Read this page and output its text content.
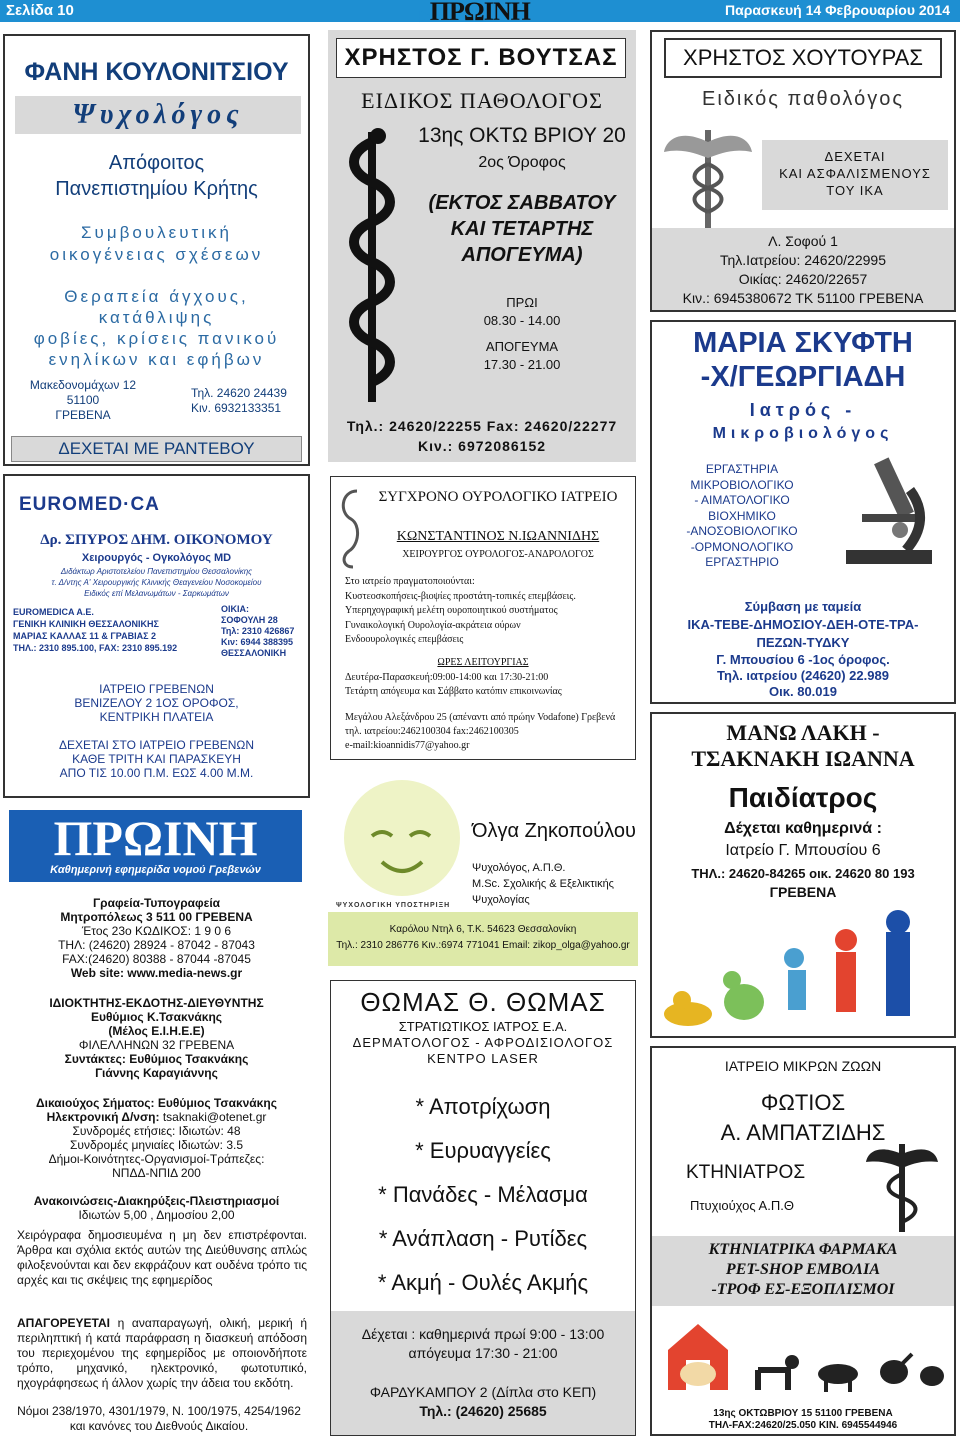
Σελίδα 10	Παρασκευή 14 Φεβρουαρίου 2014
▶ΠΡΩΙΝΗ
ΦΑΝΗ ΚΟΥΛΟΝΙΤΣΙΟΥ
Ψυχολόγος
Απόφοιτος
Πανεπιστημίου Κρήτης
Συμβουλευτική
οικογένειας σχέσεων
Θεραπεία άγχους,
κατάθλιψης
φοβίες, κρίσεις πανικού
ενηλίκων και εφήβων
Μακεδονομάχων 12
51100
ΓΡΕΒΕΝΑ
Τηλ. 24620 24439
Κιν. 6932133351
ΔΕΧΕΤΑΙ ΜΕ ΡΑΝΤΕΒΟΥ
EUROMED·CA
Δρ. ΣΠΥΡΟΣ ΔΗΜ. ΟΙΚΟΝΟΜΟΥ
Χειρουργός - Ογκολόγος MD
Διδάκτωρ Αριστοτελείου Πανεπιστημίου Θεσσαλονίκης
τ. Δ/ντης Α' Χειρουργικής Κλινικής Θεαγενείου Νοσοκομείου
Ειδικός επί Μελανωμάτων - Σαρκωμάτων
EUROMEDICA A.E.
ΓΕΝΙΚΗ ΚΛΙΝΙΚΗ ΘΕΣΣΑΛΟΝΙΚΗΣ
ΜΑΡΙΑΣ ΚΑΛΛΑΣ 11 & ΓΡΑΒΙΑΣ 2
ΤΗΛ.: 2310 895.100, FAX: 2310 895.192
ΟΙΚΙΑ:
ΣΟΦΟΥΛΗ 28
Τηλ: 2310 426867
Κιν: 6944 388395
ΘΕΣΣΑΛΟΝΙΚΗ
ΙΑΤΡΕΙΟ ΓΡΕΒΕΝΩΝ
ΒΕΝΙΖΕΛΟΥ 2 1ΟΣ ΟΡΟΦΟΣ,
ΚΕΝΤΡΙΚΗ ΠΛΑΤΕΙΑ
ΔΕΧΕΤΑΙ ΣΤΟ ΙΑΤΡΕΙΟ ΓΡΕΒΕΝΩΝ
ΚΑΘΕ ΤΡΙΤΗ ΚΑΙ ΠΑΡΑΣΚΕΥΗ
ΑΠΟ ΤΙΣ 10.00 Π.Μ. ΕΩΣ 4.00 Μ.Μ.
ΠΡΩΙΝΗ
Καθημερινή εφημερίδα νομού Γρεβενών
Γραφεία-Τυπογραφεία
Μητροπόλεως 3 511 00 ΓΡΕΒΕΝΑ
Έτος 23ο ΚΩΔΙΚΟΣ: 1 9 0 6
ΤΗΛ: (24620) 28924 - 87042 - 87043
FAX:(24620) 80388 - 87044 -87045
Web site: www.media-news.gr
ΙΔΙΟΚΤΗΤΗΣ-ΕΚΔΟΤΗΣ-ΔΙΕΥΘΥΝΤΗΣ
Ευθύμιος Κ.Τσακνάκης
(Μέλος Ε.Ι.Η.Ε.Ε)
ΦΙΛΕΛΛΗΝΩΝ 32 ΓΡΕΒΕΝΑ
Συντάκτες: Ευθύμιος Τσακνάκης
Γιάννης Καραγιάννης
Δικαιούχος Σήματος: Ευθύμιος Τσακνάκης
Ηλεκτρονική Δ/νση: tsaknaki@otenet.gr
Συνδρομές ετήσιες: Ιδιωτών: 48
Συνδρομές μηνιαίες Ιδιωτών: 3.5
Δήμοι-Κοινότητες-Οργανισμοί-Τράπεζες:
ΝΠΔΔ-ΝΠΙΔ 200
Ανακοινώσεις-Διακηρύξεις-Πλειστηριασμοί
Ιδιωτών 5,00 , Δημοσίου 2,00
Χειρόγραφα δημοσιευμένα η μη δεν επιστρέφονται. Άρθρα και σχόλια εκτός αυτών της Διεύθυνσης απλώς φιλοξενούνται και δεν εκφράζουν κατ ουδένα τρόπο τις αρχές και τις σκέψεις της εφημερίδος
ΑΠΑΓΟΡΕΥΕΤΑΙ η αναπαραγωγή, ολική, μερική ή περιληπτική ή κατά παράφραση η διασκευή απόδοση του περιεχομένου της εφημερίδος με οποιονδήποτε τρόπο, μηχανικό, ηλεκτρονικό, φωτοτυπικό, ηχογράφησεως ή άλλον χωρίς την άδεια του εκδότη.
Νόμοι 238/1970, 4301/1979, Ν. 100/1975, 4254/1962 και κανόνες του Διεθνούς Δικαίου.
ΧΡΗΣΤΟΣ Γ. ΒΟΥΤΣΑΣ
ΕΙΔΙΚΟΣ ΠΑΘΟΛΟΓΟΣ
13ης ΟΚΤΩ ΒΡΙΟΥ 20
2ος Όροφος
(ΕΚΤΟΣ ΣΑΒΒΑΤΟΥ
ΚΑΙ ΤΕΤΑΡΤΗΣ
ΑΠΟΓΕΥΜΑ)
ΠΡΩΙ
08.30 - 14.00
ΑΠΟΓΕΥΜΑ
17.30 - 21.00
Τηλ.: 24620/22255 Fax: 24620/22277
Κιν.: 6972086152
ΣΥΓΧΡΟΝΟ ΟΥΡΟΛΟΓΙΚΟ ΙΑΤΡΕΙΟ
ΚΩΝΣΤΑΝΤΙΝΟΣ Ν.ΙΩΑΝΝΙΔΗΣ
ΧΕΙΡΟΥΡΓΟΣ ΟΥΡΟΛΟΓΟΣ-ΑΝΔΡΟΛΟΓΟΣ
Στο ιατρείο πραγματοποιούνται:
Κυστεοσκοπήσεις-βιοψίες προστάτη-τοπικές επεμβάσεις.
Υπερηχογραφική μελέτη ουροποιητικού συστήματος
Γυναικολογική Ουρολογία-ακράτεια ούρων
Ενδοουρολογικές επεμβάσεις
ΩΡΕΣ ΛΕΙΤΟΥΡΓΙΑΣ
Δευτέρα-Παρασκευή:09:00-14:00 και 17:30-21:00
Τετάρτη απόγευμα και Σάββατο κατόπιν επικοινωνίας
Μεγάλου Αλεξάνδρου 25 (απέναντι από πρώην Vodafone) Γρεβενά
τηλ. ιατρείου:2462100304 fax:2462100305
e-mail:kioannidis77@yahoo.gr
ΨΥΧΟΛΟΓΙΚΗ ΥΠΟΣΤΗΡΙΞΗ
Όλγα Ζηκοπούλου
Ψυχολόγος, Α.Π.Θ.
M.Sc. Σχολικής & Εξελικτικής Ψυχολογίας
Καρόλου Ντηλ 6, Τ.Κ. 54623 Θεσσαλονίκη
Τηλ.: 2310 286776 Κιν.:6974 771041 Email: zikop_olga@yahoo.gr
ΘΩΜΑΣ Θ. ΘΩΜΑΣ
ΣΤΡΑΤΙΩΤΙΚΟΣ ΙΑΤΡΟΣ Ε.Α.
ΔΕΡΜΑΤΟΛΟΓΟΣ - ΑΦΡΟΔΙΣΙΟΛΟΓΟΣ
ΚΕΝΤΡΟ LASER
* Αποτρίχωση
* Ευρυαγγείες
* Πανάδες - Μέλασμα
* Ανάπλαση - Ρυτίδες
* Ακμή - Ουλές Ακμής
Δέχεται : καθημερινά πρωί 9:00 - 13:00
απόγευμα 17:30 - 21:00
ΦΑΡΔΥΚΑΜΠΟΥ 2 (Δίπλα στο ΚΕΠ)
Τηλ.: (24620) 25685
ΧΡΗΣΤΟΣ ΧΟΥΤΟΥΡΑΣ
Ειδικός παθολόγος
ΔΕΧΕΤΑΙ
ΚΑΙ ΑΣΦΑΛΙΣΜΕΝΟΥΣ
ΤΟΥ ΙΚΑ
Λ. Σοφού 1
Τηλ.Ιατρείου: 24620/22995
Οικίας: 24620/22657
Κιν.: 6945380672 ΤΚ 51100 ΓΡΕΒΕΝΑ
ΜΑΡΙΑ ΣΚΥΦΤΗ
-Χ/ΓΕΩΡΓΙΑΔΗ
Ιατρός -
Μικροβιολόγος
ΕΡΓΑΣΤΗΡΙΑ
ΜΙΚΡΟΒΙΟΛΟΓΙΚΟ
- ΑΙΜΑΤΟΛΟΓΙΚΟ
ΒΙΟΧΗΜΙΚΟ
-ΑΝΟΣΟΒΙΟΛΟΓΙΚΟ
-ΟΡΜΟΝΟΛΟΓΙΚΟ
ΕΡΓΑΣΤΗΡΙΟ
Σύμβαση με ταμεία
ΙΚΑ-ΤΕΒΕ-ΔΗΜΟΣΙΟΥ-ΔΕΗ-ΟΤΕ-ΤΡΑ-
ΠΕΖΩΝ-ΤΥΔΚΥ
Γ. Μπουσίου 6 -1ος όροφος.
Τηλ. ιατρείου (24620) 22.989
Οικ. 80.019
ΜΑΝΩ ΛΑΚΗ -
ΤΣΑΚΝΑΚΗ ΙΩΑΝΝΑ
Παιδίατρος
Δέχεται καθημερινά :
Ιατρείο Γ. Μπουσίου 6
ΤΗΛ.: 24620-84265 οικ. 24620 80 193
ΓΡΕΒΕΝΑ
ΙΑΤΡΕΙΟ ΜΙΚΡΩΝ ΖΩΩΝ
ΦΩΤΙΟΣ
Α. ΑΜΠΑΤΖΙΔΗΣ
ΚΤΗΝΙΑΤΡΟΣ
Πτυχιούχος Α.Π.Θ
ΚΤΗΝΙΑΤΡΙΚΑ ΦΑΡΜΑΚΑ
PET-SHOP ΕΜΒΟΛΙΑ
-ΤΡΟΦ ΕΣ-ΕΞΟΠΛΙΣΜΟΙ
13ης ΟΚΤΩΒΡΙΟΥ 15 51100 ΓΡΕΒΕΝΑ
ΤΗΛ-FAX:24620/25.050 ΚΙΝ. 6945544946
